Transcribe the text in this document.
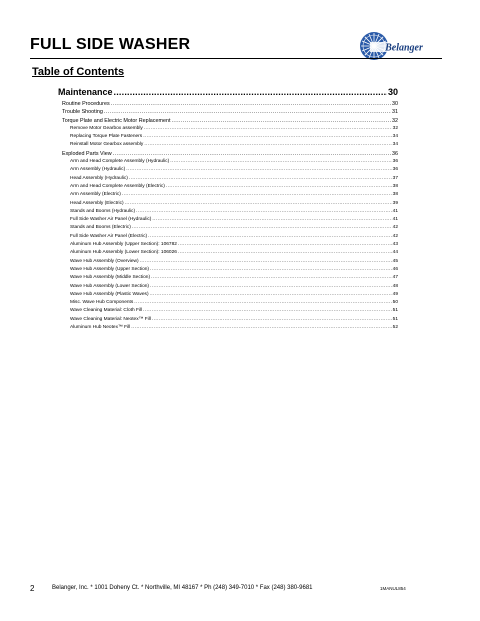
FULL SIDE WASHER	Belanger
Table of Contents
Maintenance .....	30
Routine Procedures .....	30
Trouble Shooting .....	31
Torque Plate and Electric Motor Replacement .....	32
Remove Motor Gearbox assembly .....	32
Replacing Torque Plate Fasteners .....	34
Reinstall Motor Gearbox assembly .....	34
Exploded Parts View .....	36
Arm and Head Complete Assembly (Hydraulic) .....	36
Arm Assembly (Hydraulic) .....	36
Head Assembly (Hydraulic) .....	37
Arm and Head Complete Assembly (Electric) .....	38
Arm Assembly (Electric) .....	38
Head Assembly (Electric) .....	39
Stands and Booms (Hydraulic) .....	41
Full Side Washer Air Panel (Hydraulic) .....	41
Stands and Booms (Electric) .....	42
Full Side Washer Air Panel (Electric) .....	42
Aluminum Hub Assembly (Upper Section): 106782 .....	43
Aluminum Hub Assembly (Lower Section): 106026 .....	44
Wave Hub Assembly (Overview) .....	45
Wave Hub Assembly (Upper Section) .....	46
Wave Hub Assembly (Middle Section) .....	47
Wave Hub Assembly (Lower Section) .....	48
Wave Hub Assembly (Plastic Waves) .....	49
Misc. Wave Hub Components .....	50
Wave Cleaning Material: Cloth Fill .....	51
Wave Cleaning Material: Neotex™ Fill .....	51
Aluminum Hub Neotex™ Fill .....	52
2	Belanger, Inc. * 1001 Doheny Ct. * Northville, MI 48167 * Ph (248) 349-7010 * Fax (248) 380-9681	1MANUL854
